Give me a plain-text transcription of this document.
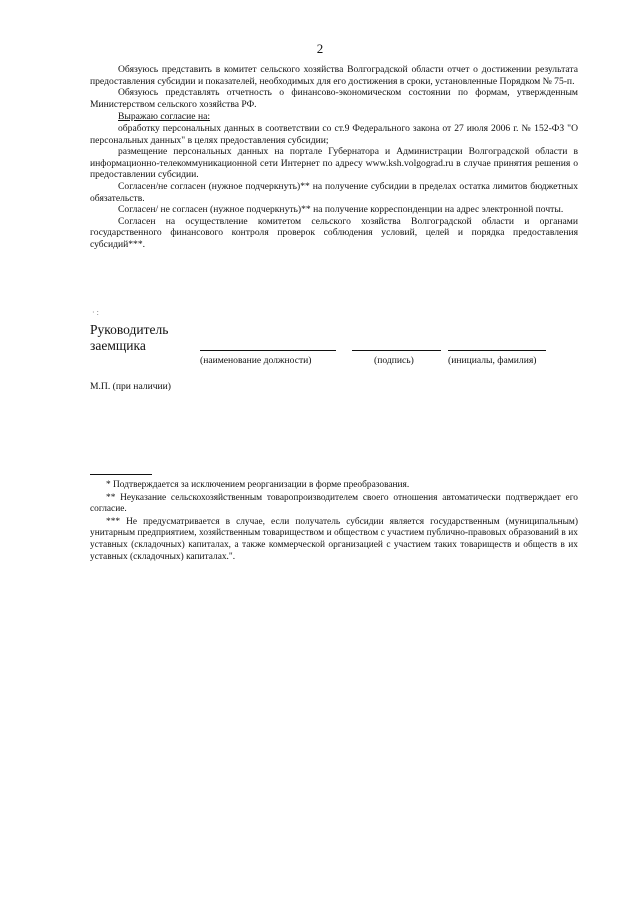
2

Обязуюсь представить в комитет сельского хозяйства Волгоградской области отчет о достижении результата предоставления субсидии и показателей, необходимых для его достижения в сроки, установленные Порядком № 75-п.

Обязуюсь представлять отчетность о финансово-экономическом состоянии по формам, утвержденным Министерством сельского хозяйства РФ.

Выражаю согласие на:

обработку персональных данных в соответствии со ст.9 Федерального закона от 27 июля 2006 г. № 152-ФЗ "О персональных данных" в целях предоставления субсидии;

размещение персональных данных на портале Губернатора и Администрации Волгоградской области в информационно-телекоммуникационной сети Интернет по адресу www.ksh.volgograd.ru в случае принятия решения о предоставлении субсидии.

Согласен/не согласен (нужное подчеркнуть)** на получение субсидии в пределах остатка лимитов бюджетных обязательств.

Согласен/ не согласен (нужное подчеркнуть)** на получение корреспонденции на адрес электронной почты.

Согласен на осуществление комитетом сельского хозяйства Волгоградской области и органами государственного финансового контроля проверок соблюдения условий, целей и порядка предоставления субсидий***.

· :
Руководитель
заемщика
(наименование должности)	(подпись)	(инициалы, фамилия)
М.П. (при наличии)

* Подтверждается за исключением реорганизации в форме преобразования.

** Неуказание сельскохозяйственным товаропроизводителем своего отношения автоматически подтверждает его согласие.

*** Не предусматривается в случае, если получатель субсидии является государственным (муниципальным) унитарным предприятием, хозяйственным товариществом и обществом с участием публично-правовых образований в их уставных (складочных) капиталах, а также коммерческой организацией с участием таких товариществ и обществ в их уставных (складочных) капиталах.".
